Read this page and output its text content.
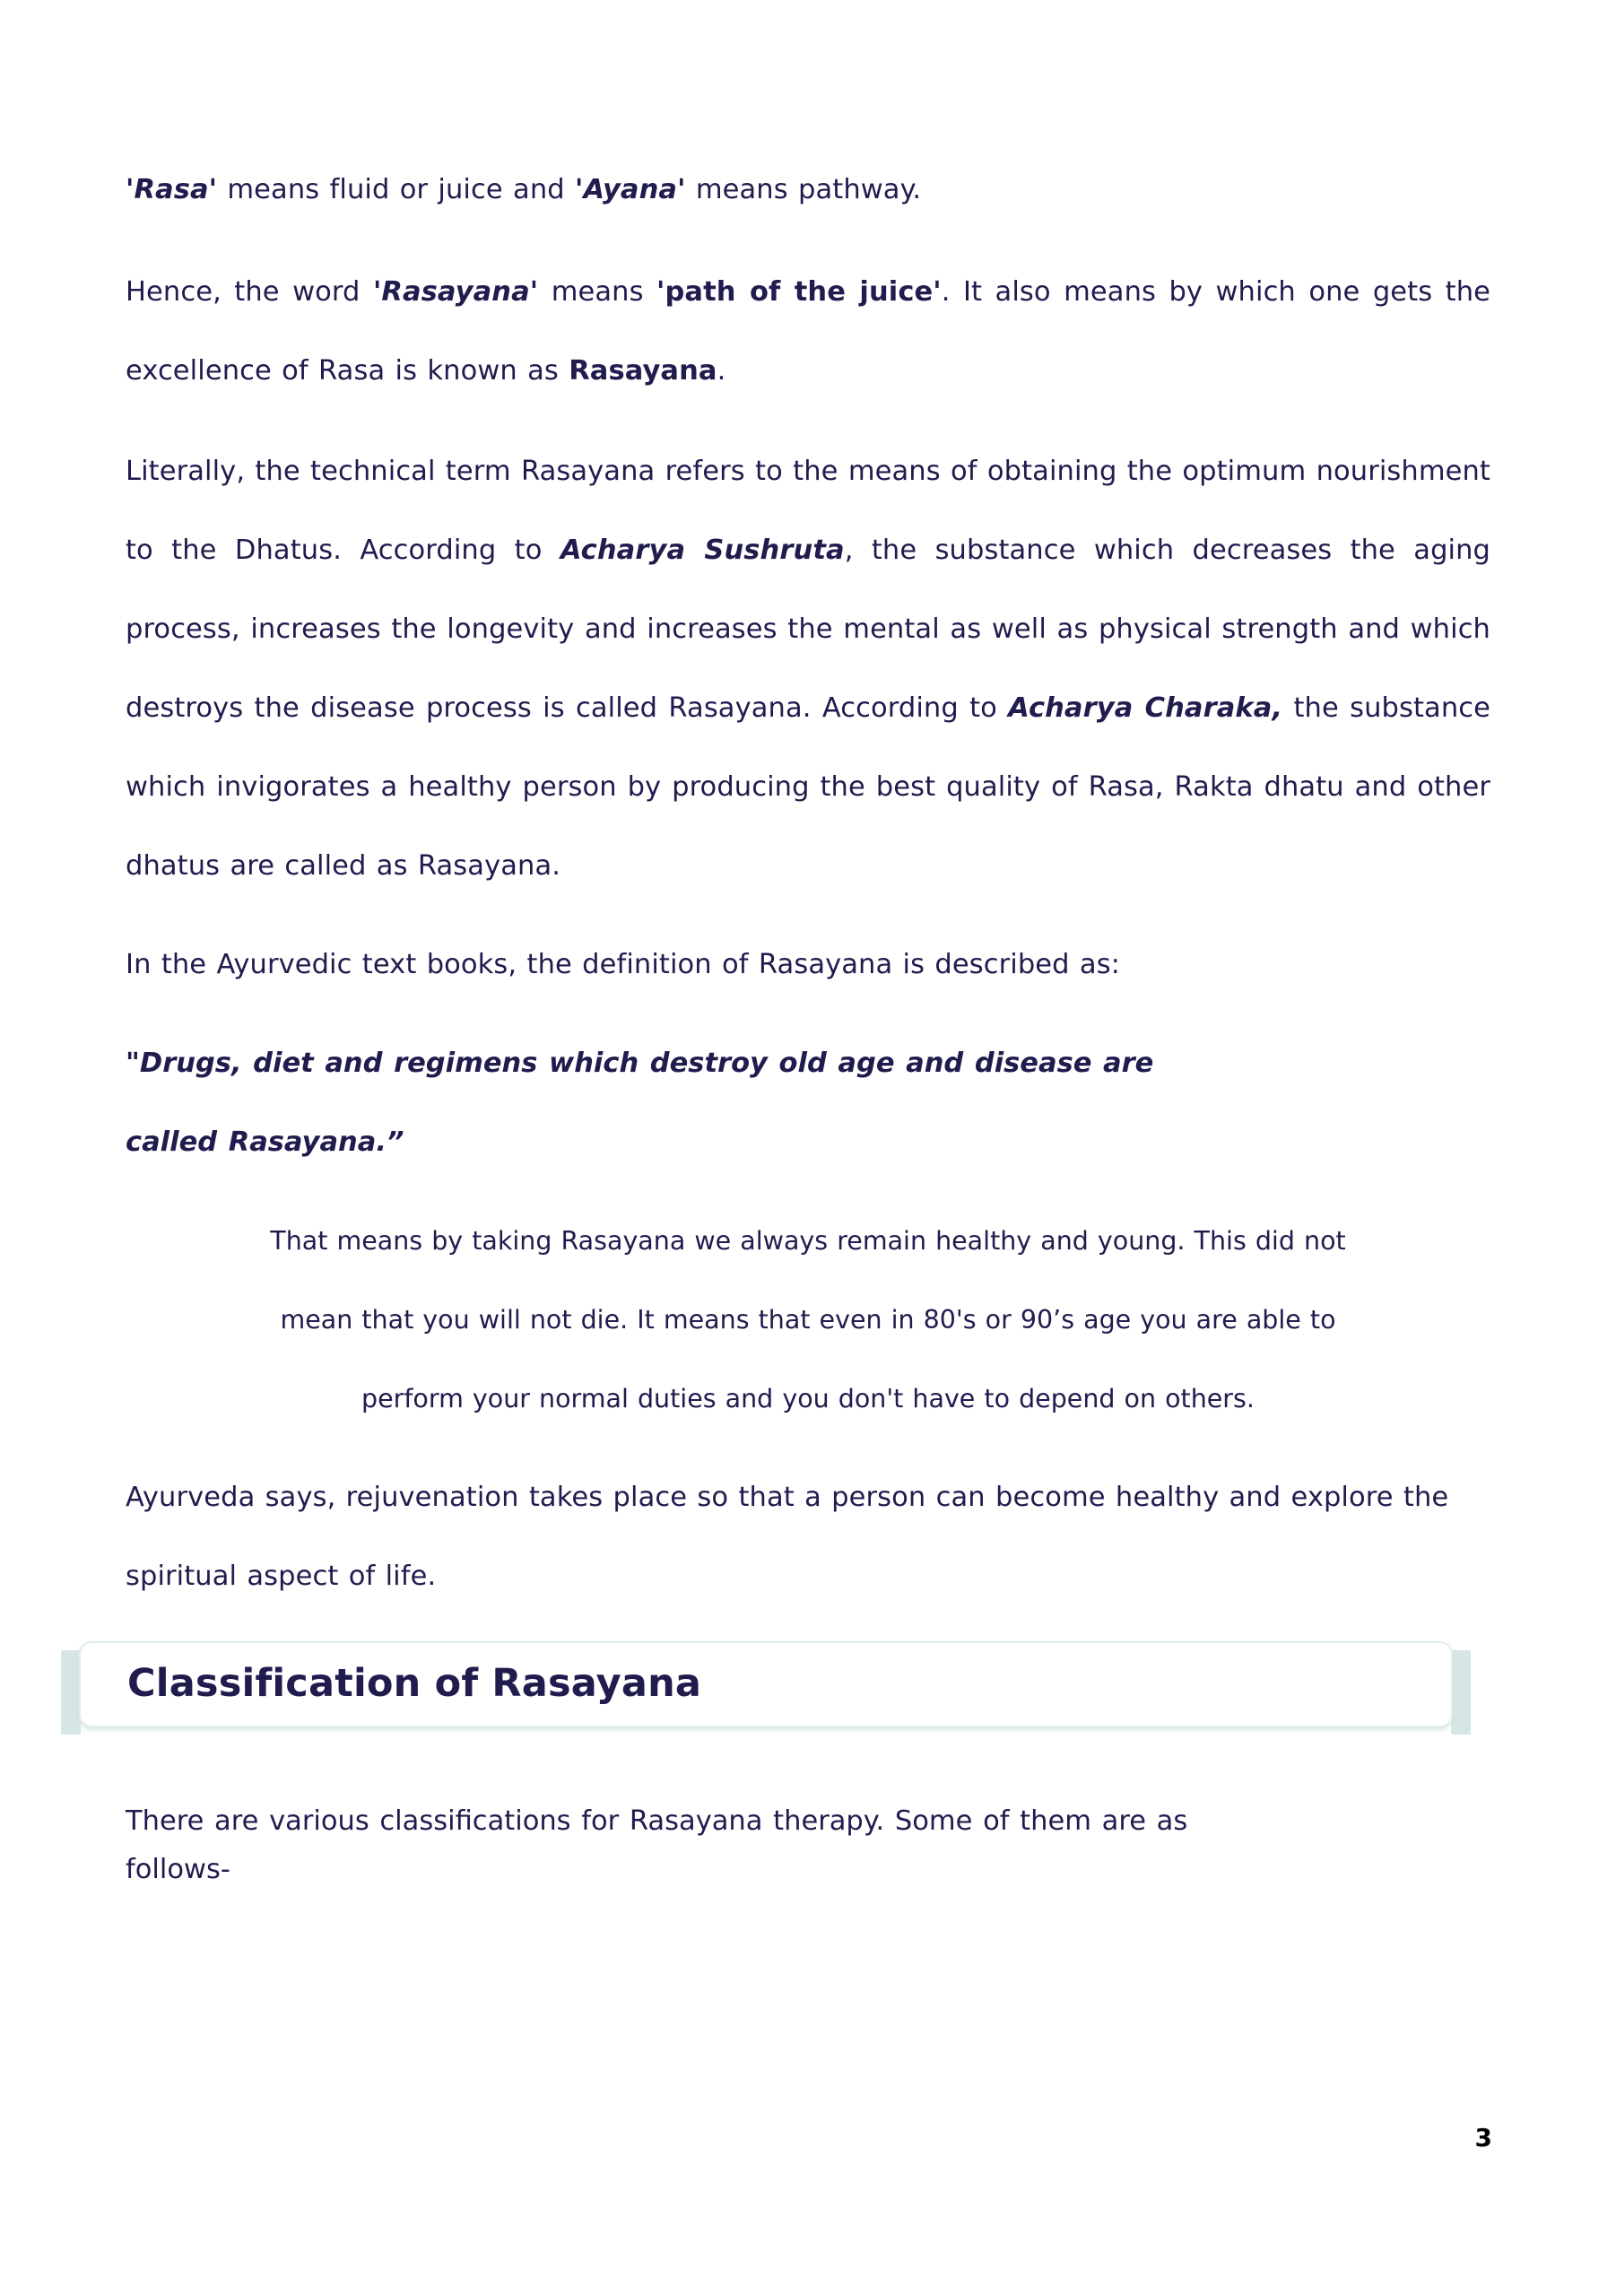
'Rasa' means fluid or juice and 'Ayana' means pathway.

Hence, the word 'Rasayana' means 'path of the juice'. It also means by which one gets the excellence of Rasa is known as Rasayana.

Literally, the technical term Rasayana refers to the means of obtaining the optimum nourishment to the Dhatus. According to Acharya Sushruta, the substance which decreases the aging process, increases the longevity and increases the mental as well as physical strength and which destroys the disease process is called Rasayana. According to Acharya Charaka, the substance which invigorates a healthy person by producing the best quality of Rasa, Rakta dhatu and other dhatus are called as Rasayana.

In the Ayurvedic text books, the definition of Rasayana is described as:

"Drugs, diet and regimens which destroy old age and disease are
called Rasayana.”

That means by taking Rasayana we always remain healthy and young. This did not
mean that you will not die. It means that even in 80's or 90’s age you are able to
perform your normal duties and you don't have to depend on others.

Ayurveda says, rejuvenation takes place so that a person can become healthy and explore the spiritual aspect of life.

Classification of Rasayana

There are various classifications for Rasayana therapy. Some of them are as
follows-

3
